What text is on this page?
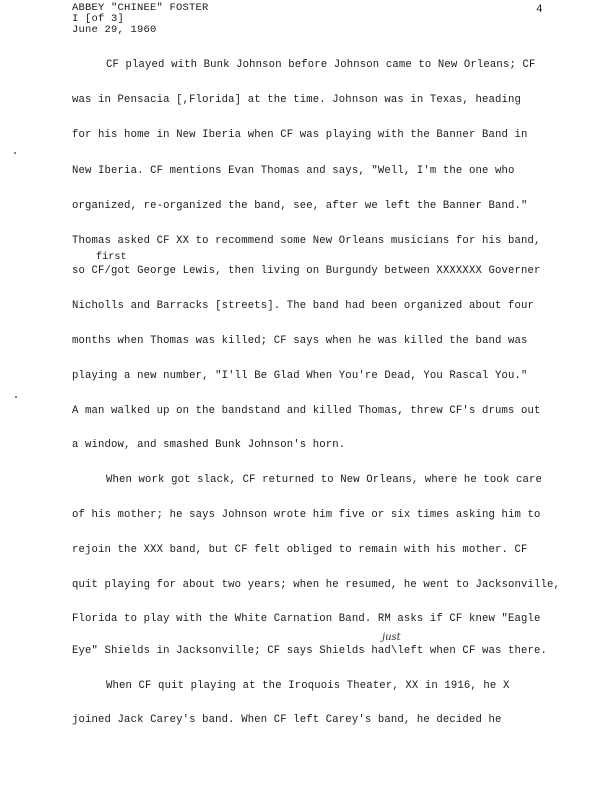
ABBEY "CHINEE" FOSTER
I [of 3]
June 29, 1960
4
CF played with Bunk Johnson before Johnson came to New Orleans; CF
was in Pensacia [,Florida] at the time. Johnson was in Texas, heading
for his home in New Iberia when CF was playing with the Banner Band in
New Iberia. CF mentions Evan Thomas and says, "Well, I'm the one who
organized, re-organized the band, see, after we left the Banner Band."
Thomas asked CF XX to recommend some New Orleans musicians for his band,
first
so CF/got George Lewis, then living on Burgundy between XXXXXXX Governer
Nicholls and Barracks [streets]. The band had been organized about four
months when Thomas was killed; CF says when he was killed the band was
playing a new number, "I'll Be Glad When You're Dead, You Rascal You."
A man walked up on the bandstand and killed Thomas, threw CF's drums out
a window, and smashed Bunk Johnson's horn.
When work got slack, CF returned to New Orleans, where he took care
of his mother; he says Johnson wrote him five or six times asking him to
rejoin the XXX band, but CF felt obliged to remain with his mother. CF
quit playing for about two years; when he resumed, he went to Jacksonville,
Florida to play with the White Carnation Band. RM asks if CF knew "Eagle
just
Eye" Shields in Jacksonville; CF says Shields had\left when CF was there.
When CF quit playing at the Iroquois Theater, XX in 1916, he X
joined Jack Carey's band. When CF left Carey's band, he decided he
